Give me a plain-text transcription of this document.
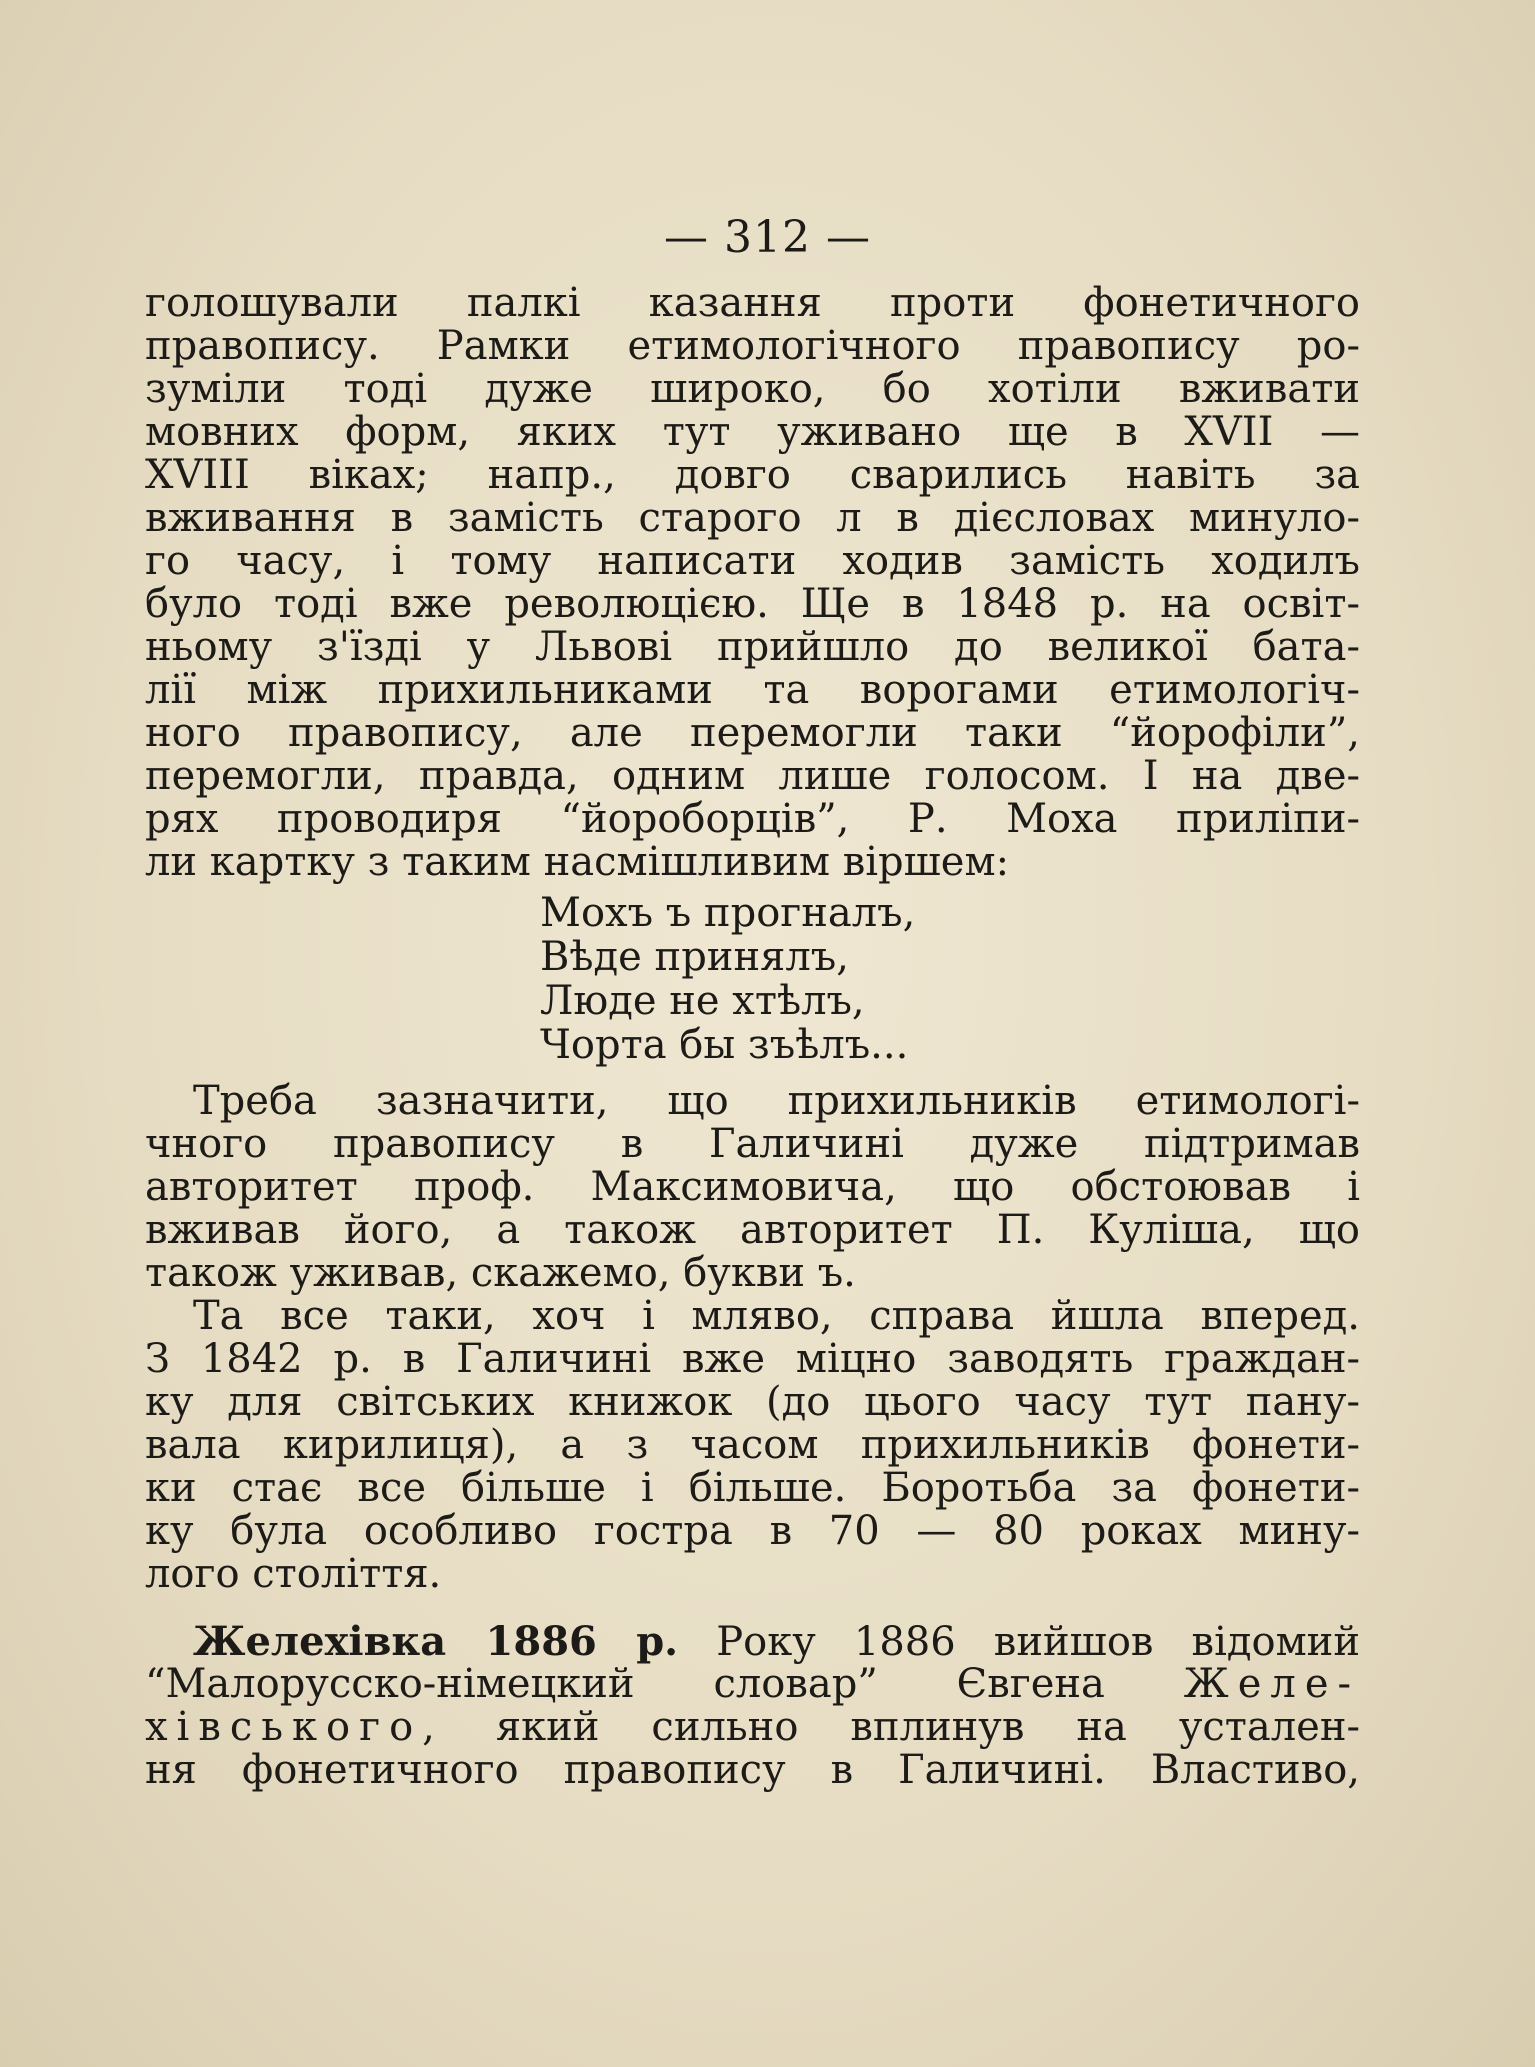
— 312 —
голошували палкі казання проти фонетичного
правопису. Рамки етимологічного правопису ро-
зуміли тоді дуже широко, бо хотіли вживати
мовних форм, яких тут уживано ще в XVII —
XVIII віках; напр., довго сварились навіть за
вживання в замість старого л в дієсловах минуло-
го часу, і тому написати ходив замість ходилъ
було тоді вже революцією. Ще в 1848 р. на освіт-
ньому з'їзді у Львові прийшло до великої бата-
лії між прихильниками та ворогами етимологіч-
ного правопису, але перемогли таки “йорофіли”,
перемогли, правда, одним лише голосом. І на две-
рях проводиря “йороборців”, Р. Моха приліпи-
ли картку з таким насмішливим віршем:
Мохъ ъ прогналъ,
Вѣде принялъ,
Люде не хтѣлъ,
Чорта бы зъѣлъ...
Треба зазначити, що прихильників етимологі-
чного правопису в Галичині дуже підтримав
авторитет проф. Максимовича, що обстоював і
вживав його, а також авторитет П. Куліша, що
також уживав, скажемо, букви ъ.
Та все таки, хоч і мляво, справа йшла вперед.
З 1842 р. в Галичині вже міцно заводять граждан-
ку для світських книжок (до цього часу тут пану-
вала кирилиця), а з часом прихильників фонети-
ки стає все більше і більше. Боротьба за фонети-
ку була особливо гостра в 70 — 80 роках мину-
лого століття.
Желехівка 1886 р. Року 1886 вийшов відомий
“Малорусско-німецкий словар” Євгена Желе-
хівського, який сильно вплинув на устален-
ня фонетичного правопису в Галичині. Властиво,
